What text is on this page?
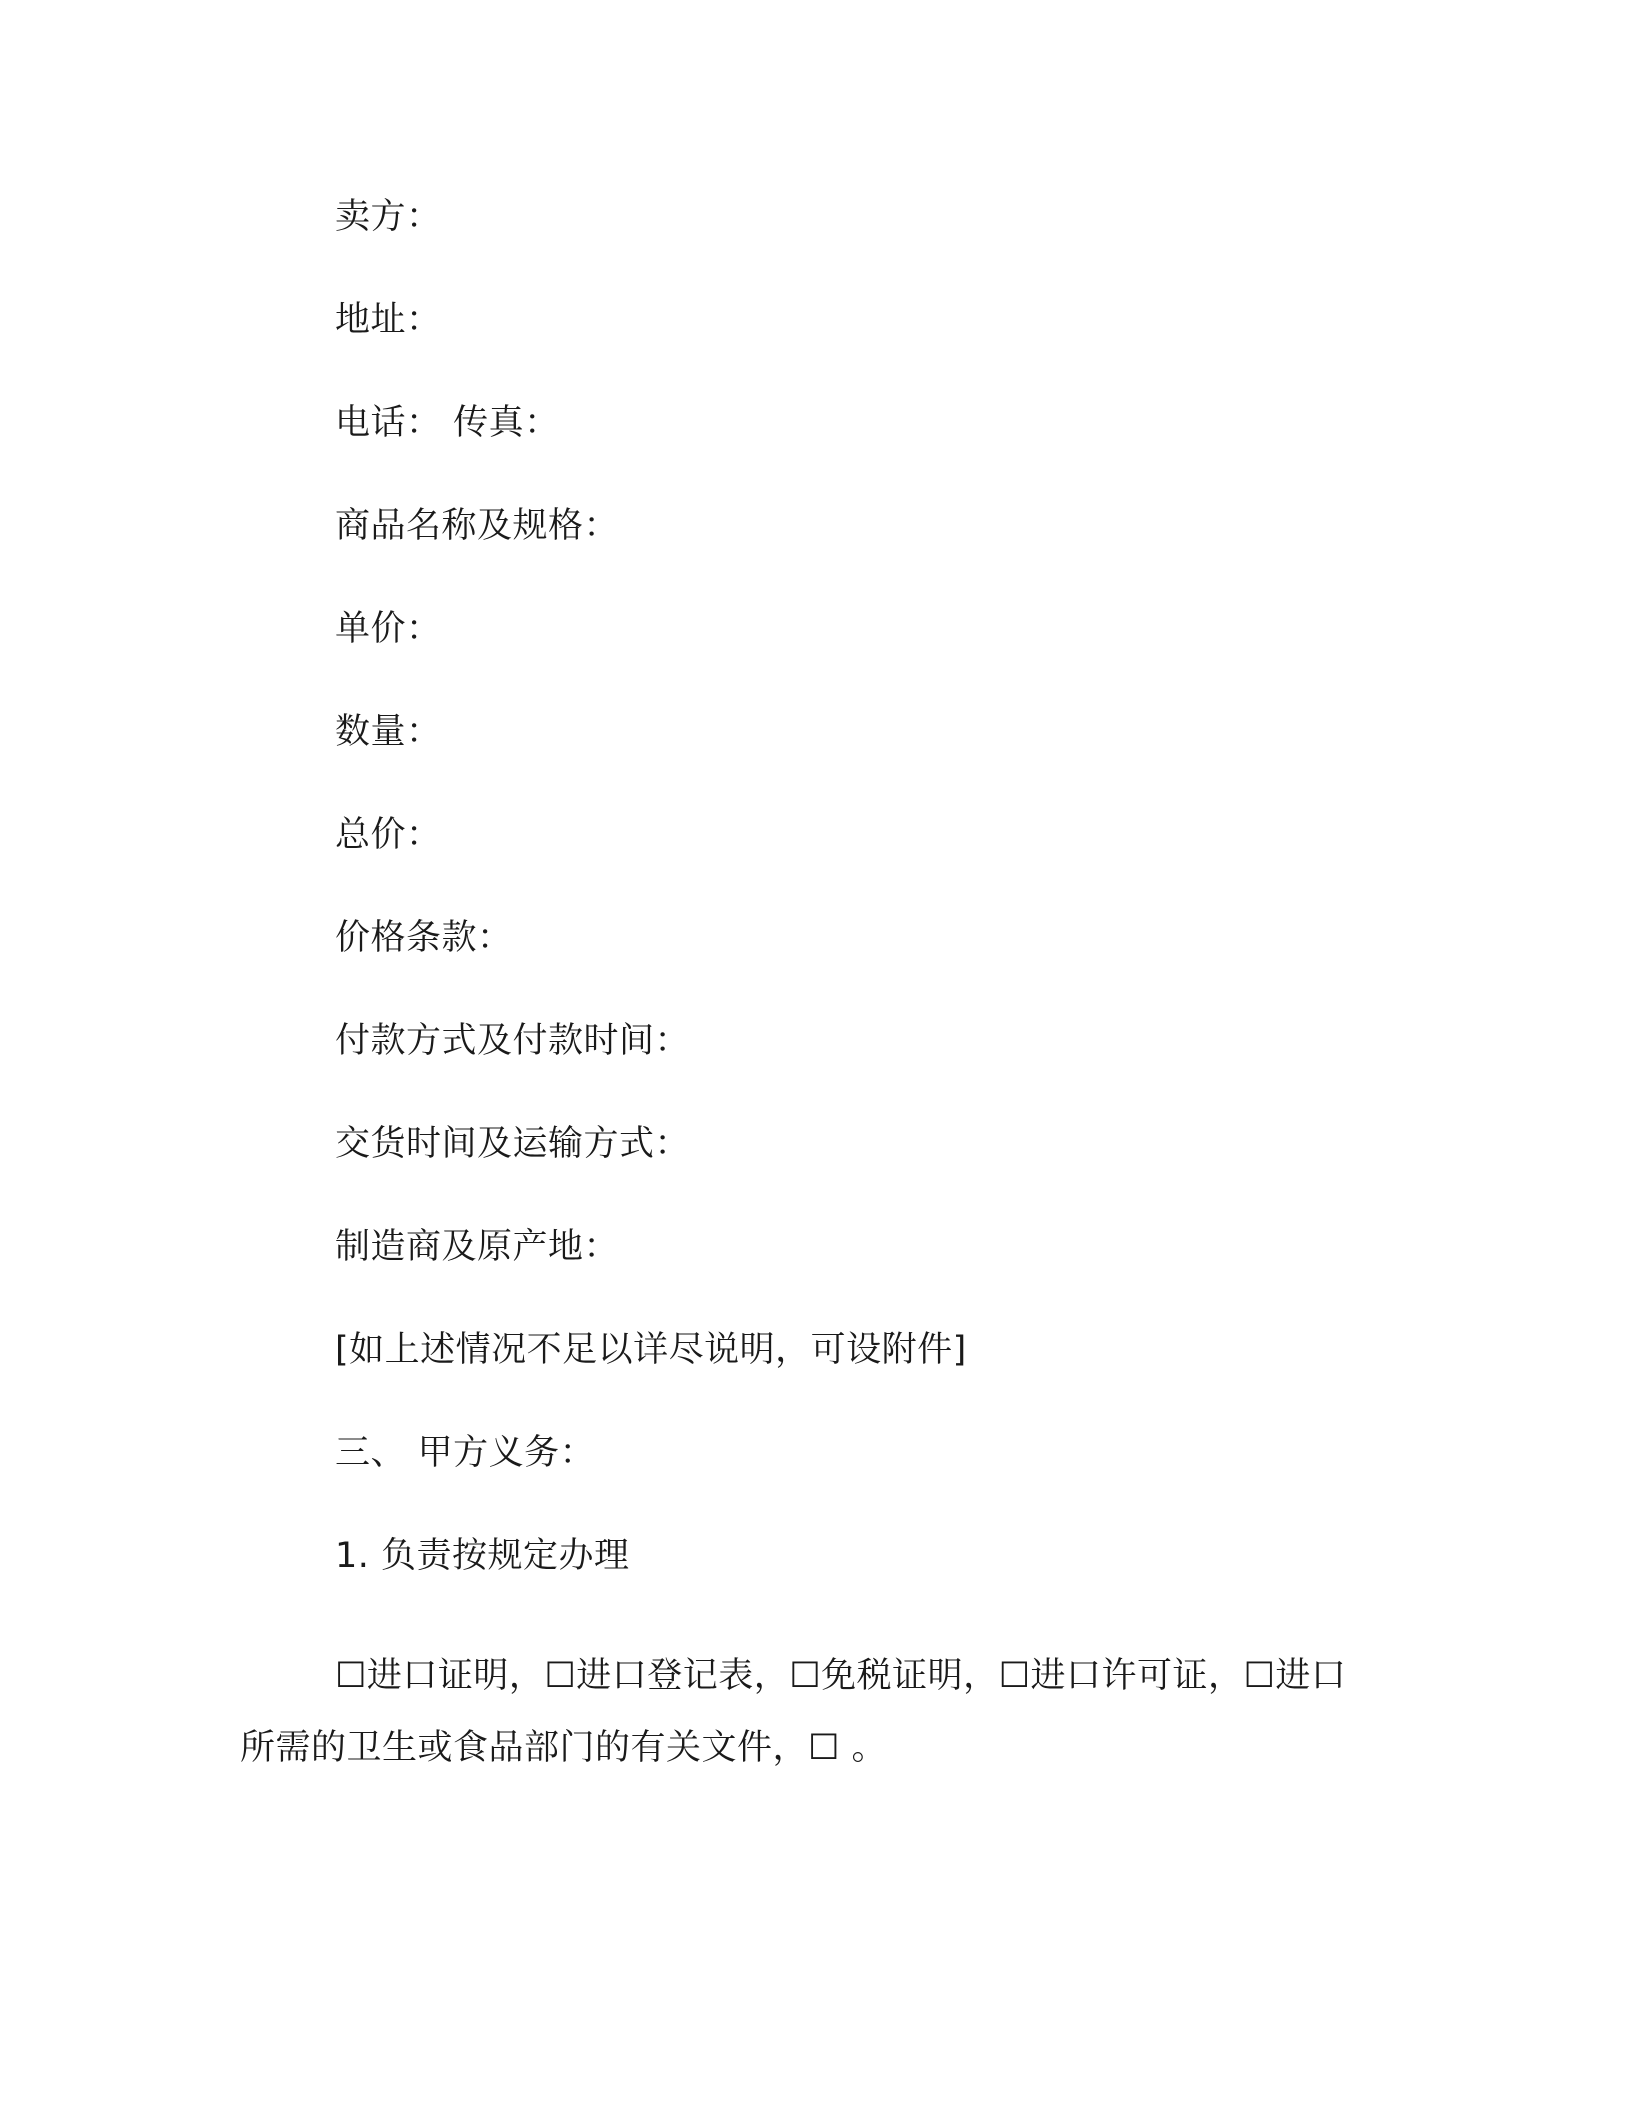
卖方：
地址：
电话： 传真：
商品名称及规格：
单价：
数量：
总价：
价格条款：
付款方式及付款时间：
交货时间及运输方式：
制造商及原产地：
[如上述情况不足以详尽说明，可设附件]
三、 甲方义务：
1. 负责按规定办理
☐进口证明，☐进口登记表，☐免税证明，☐进口许可证，☐进口所需的卫生或食品部门的有关文件，☐ 。
